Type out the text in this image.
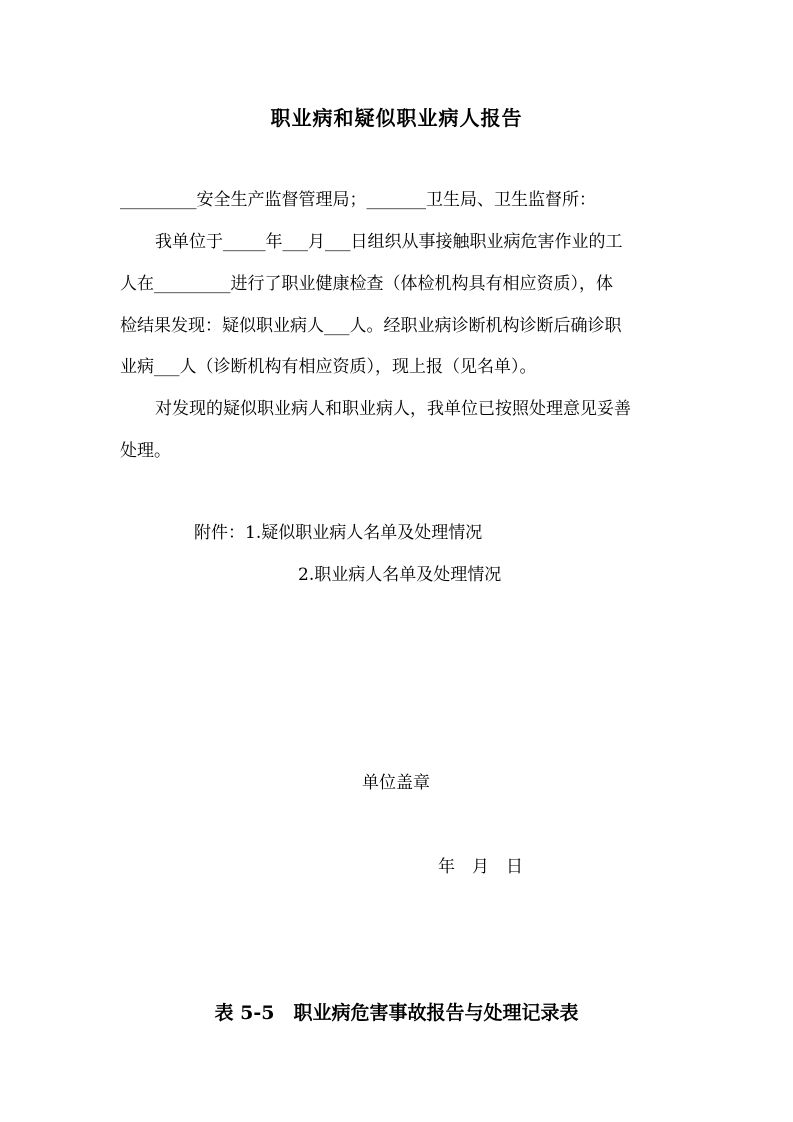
职业病和疑似职业病人报告
_________安全生产监督管理局；_______卫生局、卫生监督所：
我单位于_____年___月___日组织从事接触职业病危害作业的工
人在_________进行了职业健康检查（体检机构具有相应资质），体
检结果发现：疑似职业病人___人。经职业病诊断机构诊断后确诊职
业病___人（诊断机构有相应资质），现上报（见名单）。
对发现的疑似职业病人和职业病人，我单位已按照处理意见妥善
处理。
附件：1.疑似职业病人名单及处理情况
2.职业病人名单及处理情况
单位盖章
年　月　日
表 5-5　职业病危害事故报告与处理记录表
